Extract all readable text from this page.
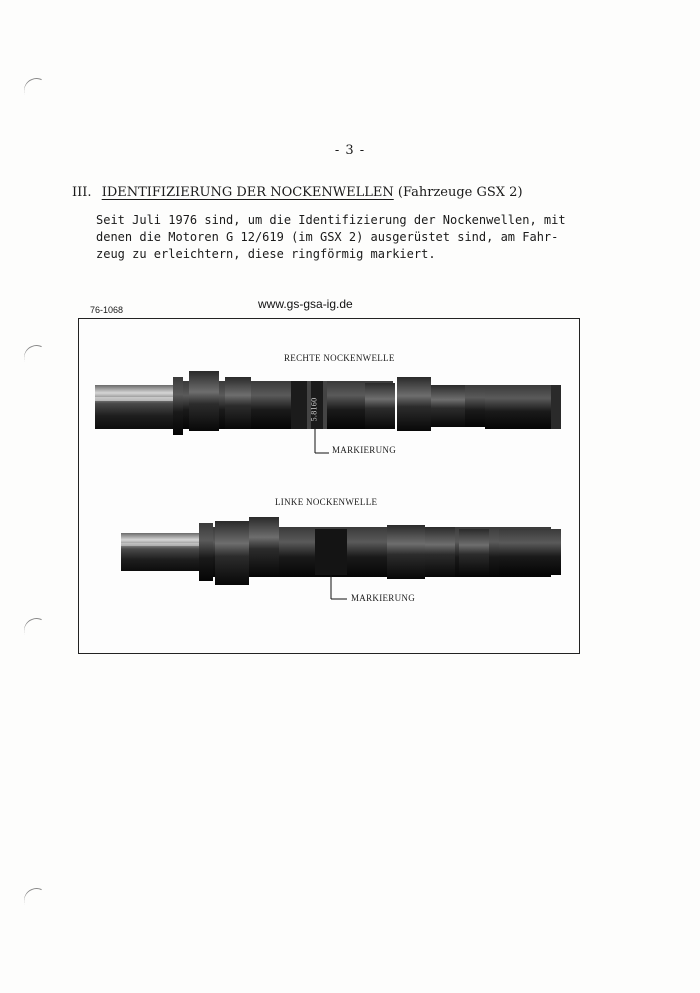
- 3 -
III. IDENTIFIZIERUNG DER NOCKENWELLEN (Fahrzeuge GSX 2)

Seit Juli 1976 sind, um die Identifizierung der Nockenwellen, mit

denen die Motoren G 12/619 (im GSX 2) ausgerüstet sind, am Fahr-

zeug zu erleichtern, diese ringförmig markiert.

76-1068	www.gs-gsa-ig.de
RECHTE NOCKENWELLE
MARKIERUNG
LINKE NOCKENWELLE
MARKIERUNG
5.8160
